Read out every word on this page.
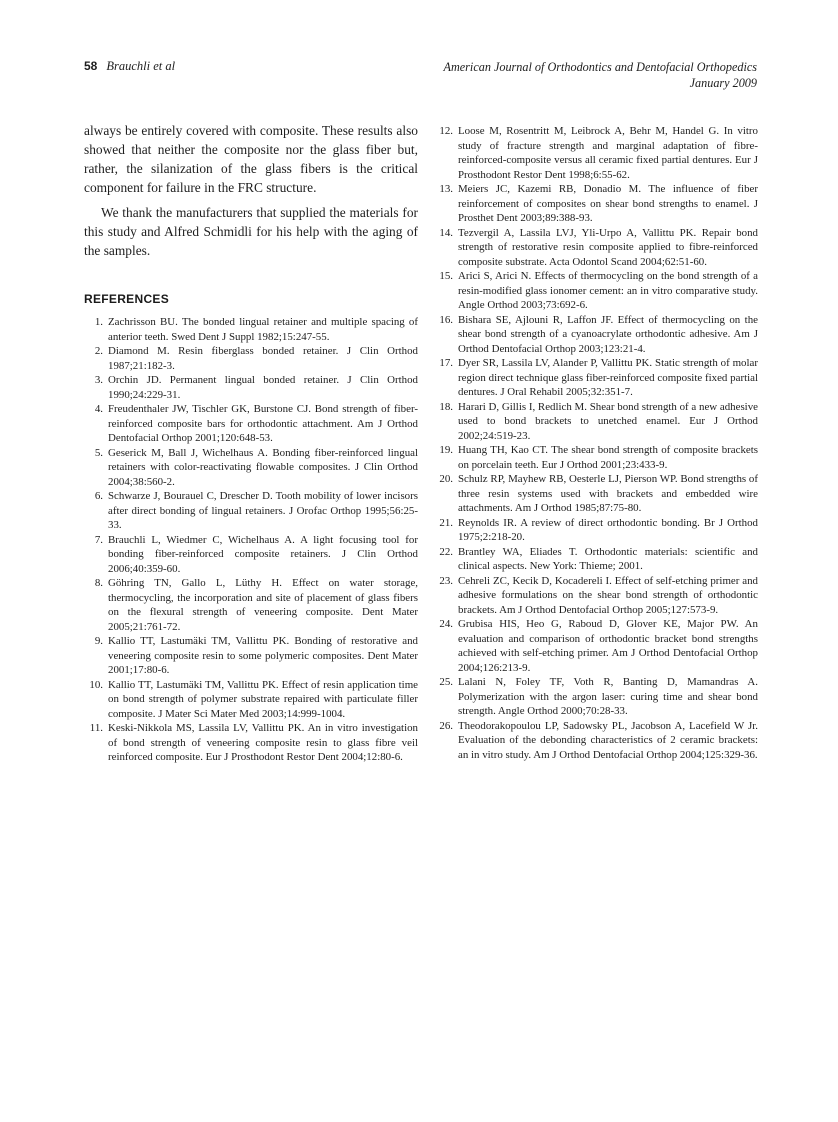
58 Brauchli et al	American Journal of Orthodontics and Dentofacial Orthopedics
January 2009

always be entirely covered with composite. These results also showed that neither the composite nor the glass fiber but, rather, the silanization of the glass fibers is the critical component for failure in the FRC structure.

We thank the manufacturers that supplied the materials for this study and Alfred Schmidli for his help with the aging of the samples.

REFERENCES
1. Zachrisson BU. The bonded lingual retainer and multiple spacing of anterior teeth. Swed Dent J Suppl 1982;15:247-55.
2. Diamond M. Resin fiberglass bonded retainer. J Clin Orthod 1987;21:182-3.
3. Orchin JD. Permanent lingual bonded retainer. J Clin Orthod 1990;24:229-31.
4. Freudenthaler JW, Tischler GK, Burstone CJ. Bond strength of fiber-reinforced composite bars for orthodontic attachment. Am J Orthod Dentofacial Orthop 2001;120:648-53.
5. Geserick M, Ball J, Wichelhaus A. Bonding fiber-reinforced lingual retainers with color-reactivating flowable composites. J Clin Orthod 2004;38:560-2.
6. Schwarze J, Bourauel C, Drescher D. Tooth mobility of lower incisors after direct bonding of lingual retainers. J Orofac Orthop 1995;56:25-33.
7. Brauchli L, Wiedmer C, Wichelhaus A. A light focusing tool for bonding fiber-reinforced composite retainers. J Clin Orthod 2006;40:359-60.
8. Göhring TN, Gallo L, Lüthy H. Effect on water storage, thermocycling, the incorporation and site of placement of glass fibers on the flexural strength of veneering composite. Dent Mater 2005;21:761-72.
9. Kallio TT, Lastumäki TM, Vallittu PK. Bonding of restorative and veneering composite resin to some polymeric composites. Dent Mater 2001;17:80-6.
10. Kallio TT, Lastumäki TM, Vallittu PK. Effect of resin application time on bond strength of polymer substrate repaired with particulate filler composite. J Mater Sci Mater Med 2003;14:999-1004.
11. Keski-Nikkola MS, Lassila LV, Vallittu PK. An in vitro investigation of bond strength of veneering composite resin to glass fibre veil reinforced composite. Eur J Prosthodont Restor Dent 2004;12:80-6.
12. Loose M, Rosentritt M, Leibrock A, Behr M, Handel G. In vitro study of fracture strength and marginal adaptation of fibre-reinforced-composite versus all ceramic fixed partial dentures. Eur J Prosthodont Restor Dent 1998;6:55-62.
13. Meiers JC, Kazemi RB, Donadio M. The influence of fiber reinforcement of composites on shear bond strengths to enamel. J Prosthet Dent 2003;89:388-93.
14. Tezvergil A, Lassila LVJ, Yli-Urpo A, Vallittu PK. Repair bond strength of restorative resin composite applied to fibre-reinforced composite substrate. Acta Odontol Scand 2004;62:51-60.
15. Arici S, Arici N. Effects of thermocycling on the bond strength of a resin-modified glass ionomer cement: an in vitro comparative study. Angle Orthod 2003;73:692-6.
16. Bishara SE, Ajlouni R, Laffon JF. Effect of thermocycling on the shear bond strength of a cyanoacrylate orthodontic adhesive. Am J Orthod Dentofacial Orthop 2003;123:21-4.
17. Dyer SR, Lassila LV, Alander P, Vallittu PK. Static strength of molar region direct technique glass fiber-reinforced composite fixed partial dentures. J Oral Rehabil 2005;32:351-7.
18. Harari D, Gillis I, Redlich M. Shear bond strength of a new adhesive used to bond brackets to unetched enamel. Eur J Orthod 2002;24:519-23.
19. Huang TH, Kao CT. The shear bond strength of composite brackets on porcelain teeth. Eur J Orthod 2001;23:433-9.
20. Schulz RP, Mayhew RB, Oesterle LJ, Pierson WP. Bond strengths of three resin systems used with brackets and embedded wire attachments. Am J Orthod 1985;87:75-80.
21. Reynolds IR. A review of direct orthodontic bonding. Br J Orthod 1975;2:218-20.
22. Brantley WA, Eliades T. Orthodontic materials: scientific and clinical aspects. New York: Thieme; 2001.
23. Cehreli ZC, Kecik D, Kocadereli I. Effect of self-etching primer and adhesive formulations on the shear bond strength of orthodontic brackets. Am J Orthod Dentofacial Orthop 2005;127:573-9.
24. Grubisa HIS, Heo G, Raboud D, Glover KE, Major PW. An evaluation and comparison of orthodontic bracket bond strengths achieved with self-etching primer. Am J Orthod Dentofacial Orthop 2004;126:213-9.
25. Lalani N, Foley TF, Voth R, Banting D, Mamandras A. Polymerization with the argon laser: curing time and shear bond strength. Angle Orthod 2000;70:28-33.
26. Theodorakopoulou LP, Sadowsky PL, Jacobson A, Lacefield W Jr. Evaluation of the debonding characteristics of 2 ceramic brackets: an in vitro study. Am J Orthod Dentofacial Orthop 2004;125:329-36.
